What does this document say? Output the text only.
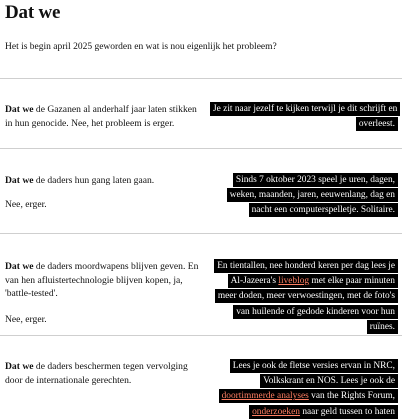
Dat we

Het is begin april 2025 geworden en wat is nou eigenlijk het probleem?

Dat we de Gazanen al anderhalf jaar laten stikken in hun genocide. Nee, het probleem is erger.

Je zit naar jezelf te kijken terwijl je dit schrijft en overleest.

Dat we de daders hun gang laten gaan.

Nee, erger.

Sinds 7 oktober 2023 speel je uren, dagen, weken, maanden, jaren, eeuwenlang, dag en nacht een computerspelletje. Solitaire.

Dat we de daders moordwapens blijven geven. En van hen afluistertechnologie blijven kopen, ja, 'battle-tested'.

Nee, erger.

En tientallen, nee honderd keren per dag lees je Al-Jazeera's liveblog met elke paar minuten meer doden, meer verwoestingen, met de foto's van huilende of gedode kinderen voor hun ruïnes.

Dat we de daders beschermen tegen vervolging door de internationale gerechten.

Lees je ook de fletse versies ervan in NRC, Volkskrant en NOS. Lees je ook de doortimmerde analyses van the Rights Forum, onderzoeken naar geld tussen to haten
